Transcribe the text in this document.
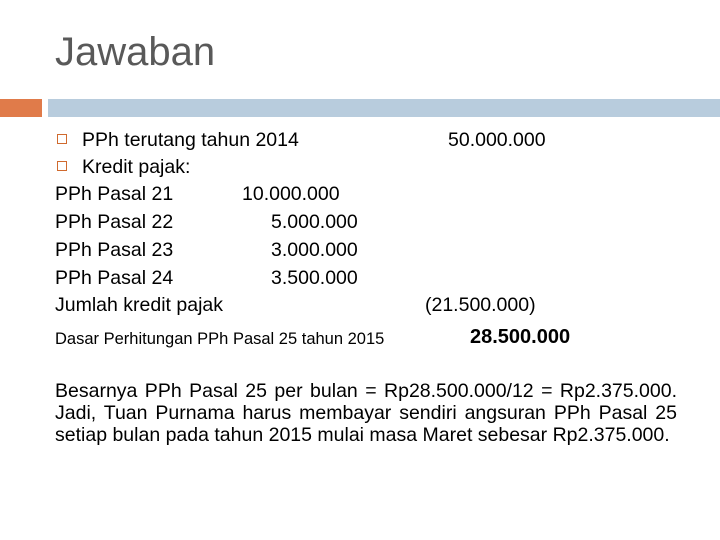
Jawaban
PPh terutang tahun 2014	50.000.000
Kredit pajak:
PPh Pasal 21	10.000.000
PPh Pasal 22	5.000.000
PPh Pasal 23	3.000.000
PPh Pasal 24	3.500.000
Jumlah kredit pajak	(21.500.000)
Dasar Perhitungan PPh Pasal 25 tahun 2015	28.500.000
Besarnya PPh Pasal 25 per bulan = Rp28.500.000/12 = Rp2.375.000. Jadi, Tuan Purnama harus membayar sendiri angsuran PPh Pasal 25 setiap bulan pada tahun 2015 mulai masa Maret sebesar Rp2.375.000.
